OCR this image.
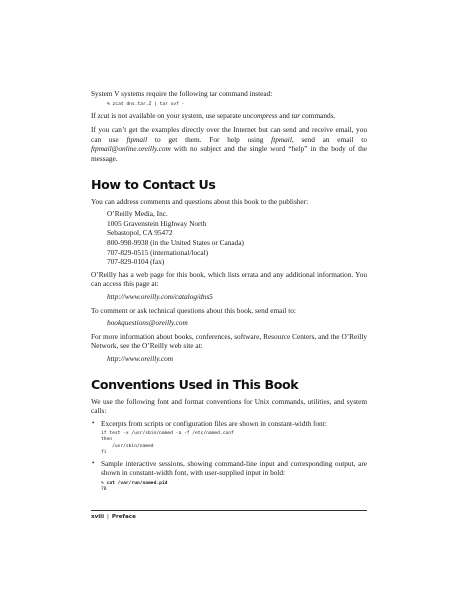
System V systems require the following tar command instead:

% zcat dns.tar.Z | tar xvf -

If zcat is not available on your system, use separate uncompress and tar commands.

If you can’t get the examples directly over the Internet but can send and receive email, you can use ftpmail to get them. For help using ftpmail, send an email to ftpmail@online.oreilly.com with no subject and the single word “help” in the body of the message.

How to Contact Us

You can address comments and questions about this book to the publisher:

O’Reilly Media, Inc.

1005 Gravenstein Highway North

Sebastopol, CA 95472

800-998-9938 (in the United States or Canada)

707-829-0515 (international/local)

707-829-0104 (fax)

O’Reilly has a web page for this book, which lists errata and any additional information. You can access this page at:

http://www.oreilly.com/catalog/dns5

To comment or ask technical questions about this book, send email to:

bookquestions@oreilly.com

For more information about books, conferences, software, Resource Centers, and the O’Reilly Network, see the O’Reilly web site at:

http://www.oreilly.com

Conventions Used in This Book

We use the following font and format conventions for Unix commands, utilities, and system calls:

• Excerpts from scripts or configuration files are shown in constant-width font:

if test -x /usr/sbin/named -a -f /etc/named.conf
then
/usr/sbin/named
fi
• Sample interactive sessions, showing command-line input and corresponding output, are shown in constant-width font, with user-supplied input in bold:

% cat /var/run/named.pid
78
xviii | Preface
